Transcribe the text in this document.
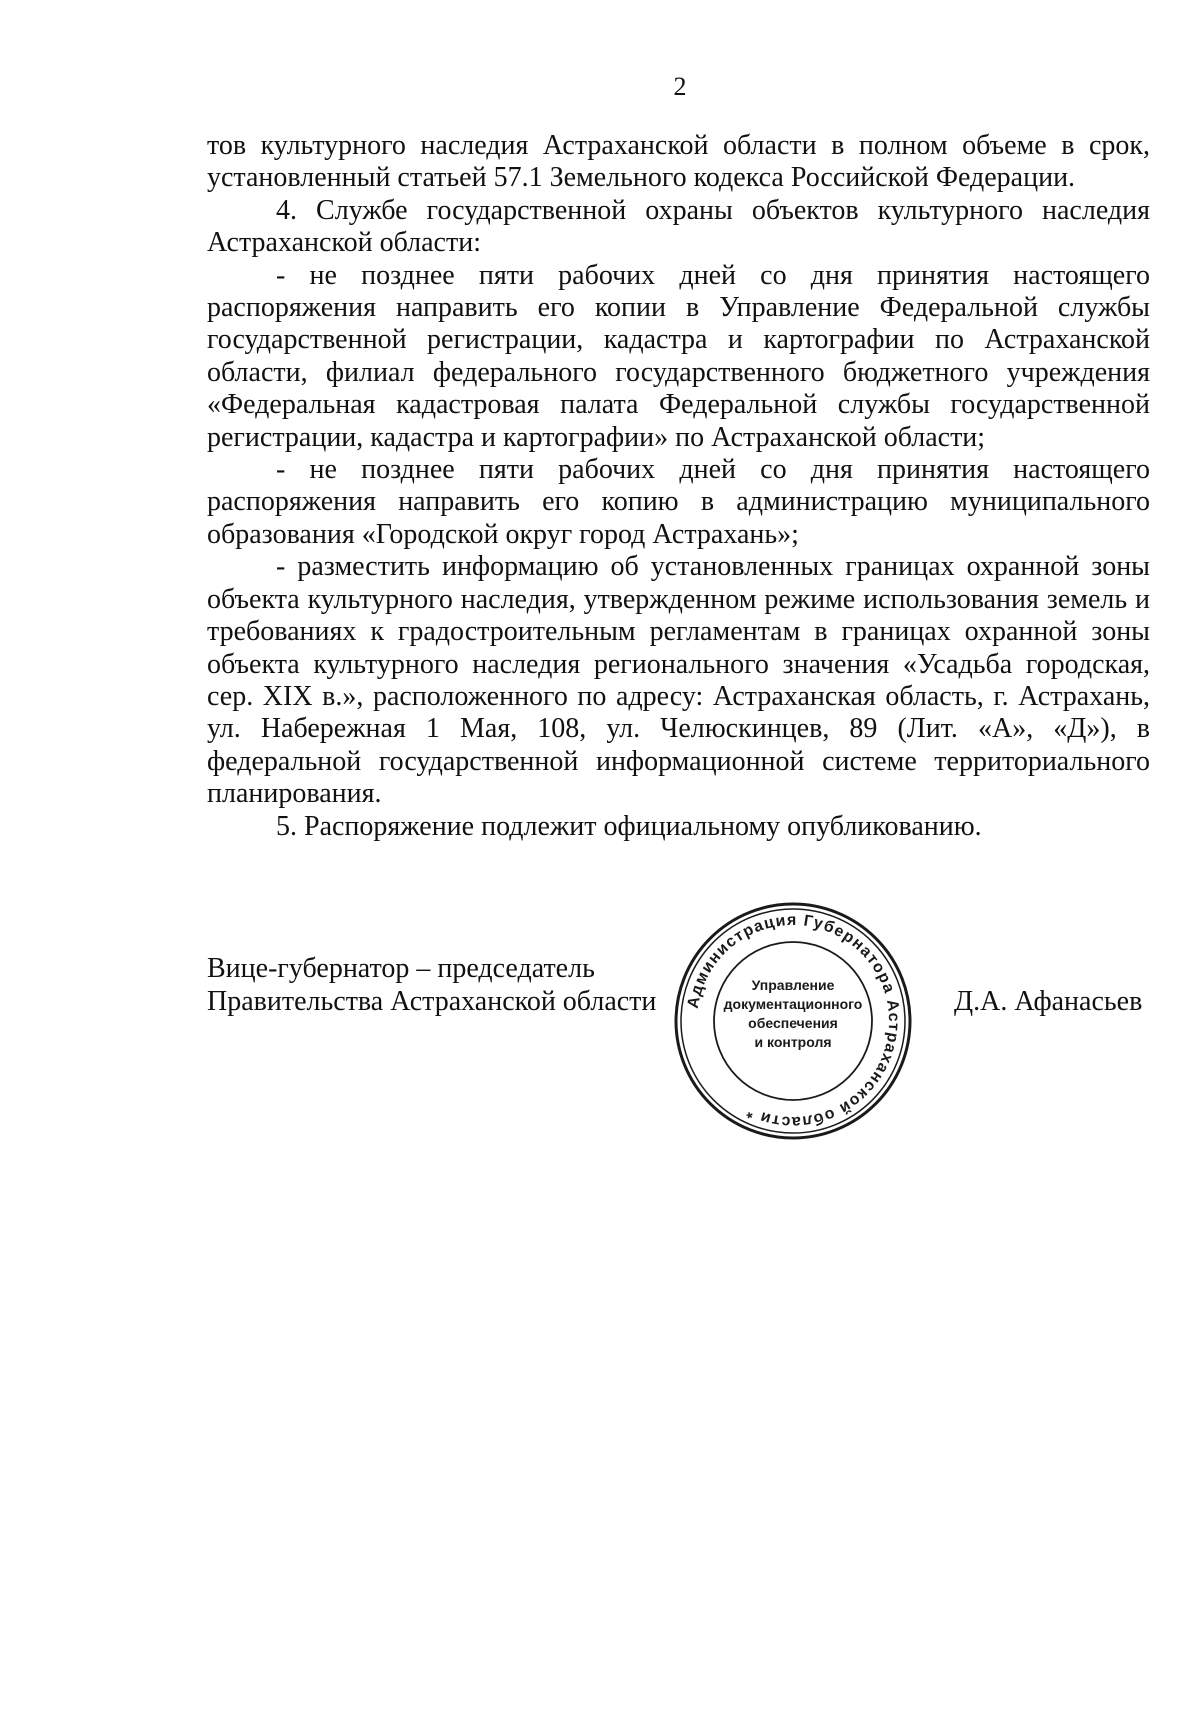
2

тов культурного наследия Астраханской области в полном объеме в срок, установленный статьей 57.1 Земельного кодекса Российской Федерации.

4. Службе государственной охраны объектов культурного наследия Астраханской области:

- не позднее пяти рабочих дней со дня принятия настоящего распоряжения направить его копии в Управление Федеральной службы государственной регистрации, кадастра и картографии по Астраханской области, филиал федерального государственного бюджетного учреждения «Федеральная кадастровая палата Федеральной службы государственной регистрации, кадастра и картографии» по Астраханской области;

- не позднее пяти рабочих дней со дня принятия настоящего распоряжения направить его копию в администрацию муниципального образования «Городской округ город Астрахань»;

- разместить информацию об установленных границах охранной зоны объекта культурного наследия, утвержденном режиме использования земель и требованиях к градостроительным регламентам в границах охранной зоны объекта культурного наследия регионального значения «Усадьба городская, сер. XIX в.», расположенного по адресу: Астраханская область, г. Астрахань, ул. Набережная 1 Мая, 108, ул. Челюскинцев, 89 (Лит. «А», «Д»), в федеральной государственной информационной системе территориального планирования.

5. Распоряжение подлежит официальному опубликованию.

Вице-губернатор – председатель
Правительства Астраханской области Администрация Губернатора Астраханской области *
Управление
документационного
обеспечения
и контроля
Д.А. Афанасьев
